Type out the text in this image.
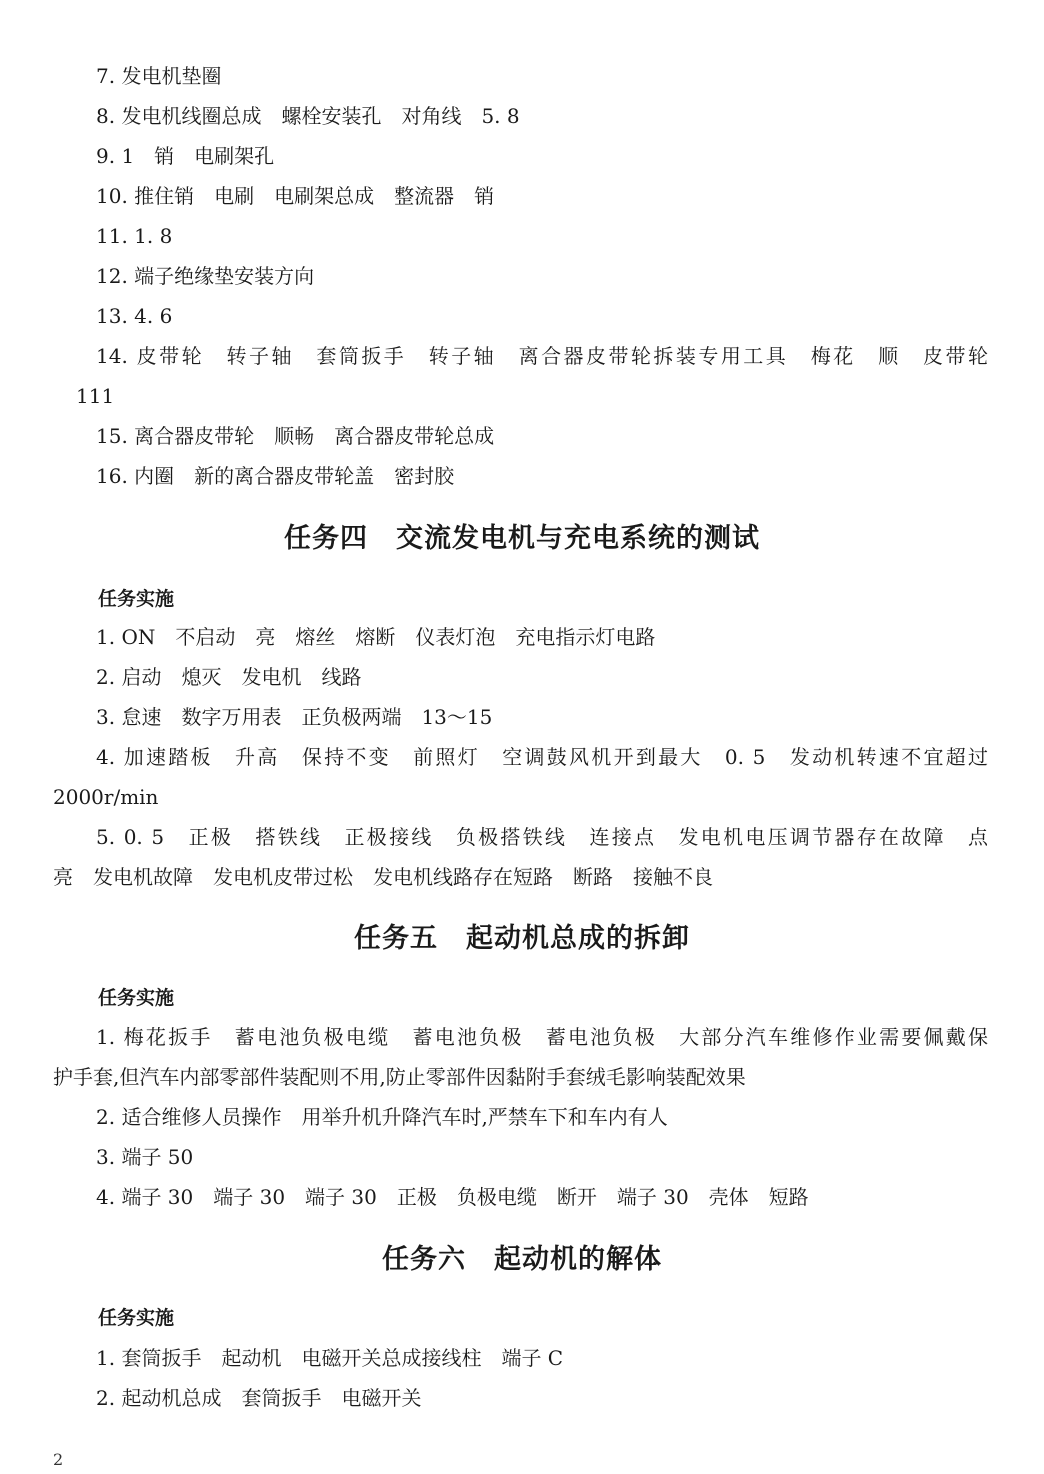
7. 发电机垫圈
8. 发电机线圈总成　螺栓安装孔　对角线　5. 8
9. 1　销　电刷架孔
10. 推住销　电刷　电刷架总成　整流器　销
11. 1. 8
12. 端子绝缘垫安装方向
13. 4. 6
14. 皮带轮　转子轴　套筒扳手　转子轴　离合器皮带轮拆装专用工具　梅花　顺　皮带轮
111
15. 离合器皮带轮　顺畅　离合器皮带轮总成
16. 内圈　新的离合器皮带轮盖　密封胶
任务四　交流发电机与充电系统的测试
任务实施
1. ON　不启动　亮　熔丝　熔断　仪表灯泡　充电指示灯电路
2. 启动　熄灭　发电机　线路
3. 怠速　数字万用表　正负极两端　13～15
4. 加速踏板　升高　保持不变　前照灯　空调鼓风机开到最大　0. 5　发动机转速不宜超过
2000r/min
5. 0. 5　正极　搭铁线　正极接线　负极搭铁线　连接点　发电机电压调节器存在故障　点
亮　发电机故障　发电机皮带过松　发电机线路存在短路　断路　接触不良
任务五　起动机总成的拆卸
任务实施
1. 梅花扳手　蓄电池负极电缆　蓄电池负极　蓄电池负极　大部分汽车维修作业需要佩戴保
护手套,但汽车内部零部件装配则不用,防止零部件因黏附手套绒毛影响装配效果
2. 适合维修人员操作　用举升机升降汽车时,严禁车下和车内有人
3. 端子 50
4. 端子 30　端子 30　端子 30　正极　负极电缆　断开　端子 30　壳体　短路
任务六　起动机的解体
任务实施
1. 套筒扳手　起动机　电磁开关总成接线柱　端子 C
2. 起动机总成　套筒扳手　电磁开关
2
